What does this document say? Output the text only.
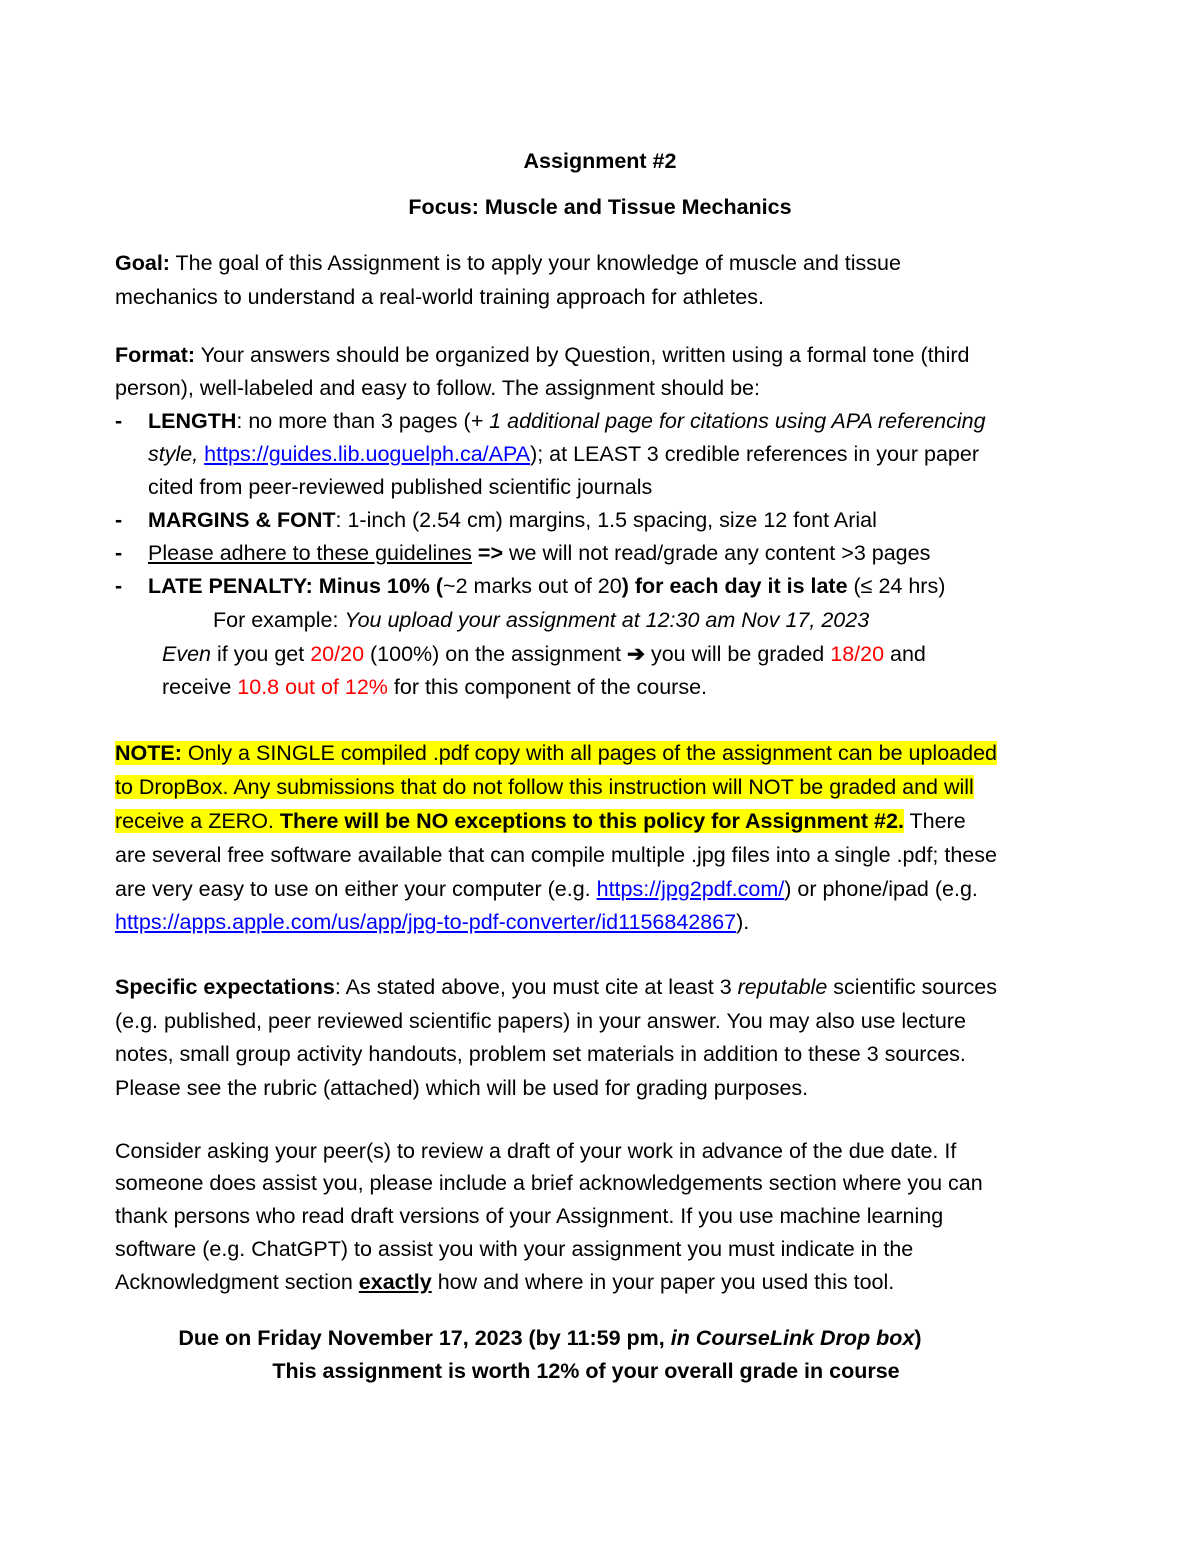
Assignment #2
Focus: Muscle and Tissue Mechanics
Goal: The goal of this Assignment is to apply your knowledge of muscle and tissue
mechanics to understand a real-world training approach for athletes.
Format: Your answers should be organized by Question, written using a formal tone (third
person), well-labeled and easy to follow. The assignment should be:
-	LENGTH: no more than 3 pages (+ 1 additional page for citations using APA referencing
style, https://guides.lib.uoguelph.ca/APA); at LEAST 3 credible references in your paper
cited from peer-reviewed published scientific journals
-	MARGINS & FONT: 1-inch (2.54 cm) margins, 1.5 spacing, size 12 font Arial
-	Please adhere to these guidelines => we will not read/grade any content >3 pages
-	LATE PENALTY: Minus 10% (~2 marks out of 20) for each day it is late (≤ 24 hrs)
For example: You upload your assignment at 12:30 am Nov 17, 2023
Even if you get 20/20 (100%) on the assignment ➔ you will be graded 18/20 and
receive 10.8 out of 12% for this component of the course.
NOTE: Only a SINGLE compiled .pdf copy with all pages of the assignment can be uploaded
to DropBox. Any submissions that do not follow this instruction will NOT be graded and will
receive a ZERO. There will be NO exceptions to this policy for Assignment #2. There
are several free software available that can compile multiple .jpg files into a single .pdf; these
are very easy to use on either your computer (e.g. https://jpg2pdf.com/) or phone/ipad (e.g.
https://apps.apple.com/us/app/jpg-to-pdf-converter/id1156842867).
Specific expectations: As stated above, you must cite at least 3 reputable scientific sources
(e.g. published, peer reviewed scientific papers) in your answer. You may also use lecture
notes, small group activity handouts, problem set materials in addition to these 3 sources.
Please see the rubric (attached) which will be used for grading purposes.
Consider asking your peer(s) to review a draft of your work in advance of the due date. If
someone does assist you, please include a brief acknowledgements section where you can
thank persons who read draft versions of your Assignment. If you use machine learning
software (e.g. ChatGPT) to assist you with your assignment you must indicate in the
Acknowledgment section exactly how and where in your paper you used this tool.
Due on Friday November 17, 2023 (by 11:59 pm, in CourseLink Drop box)
This assignment is worth 12% of your overall grade in course
